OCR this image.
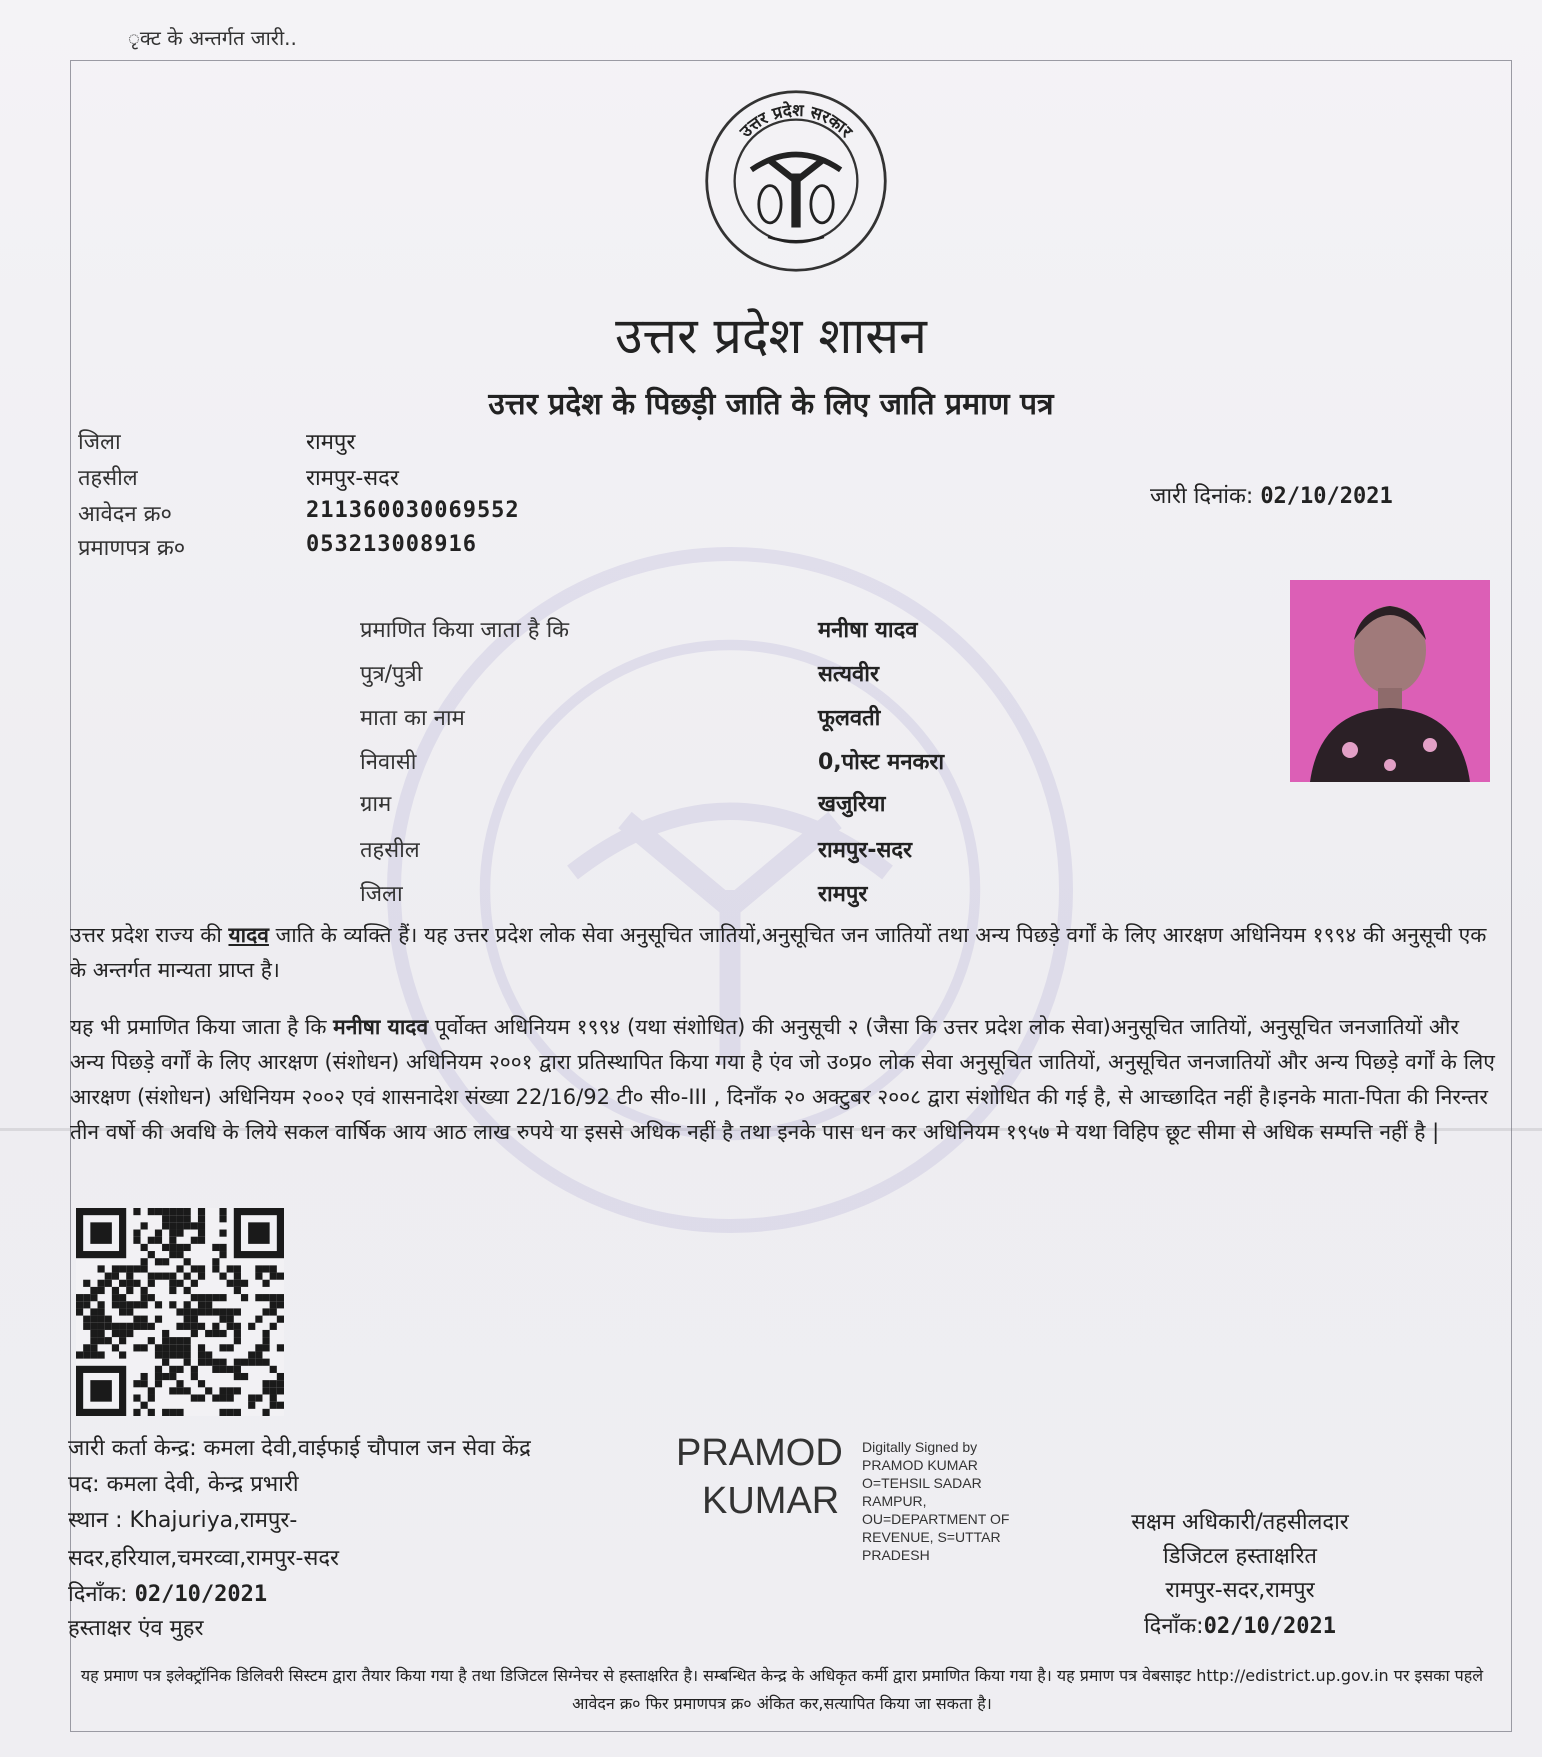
ृक्ट के अन्तर्गत जारी..
उत्तर प्रदेश सरकार
उत्तर प्रदेश शासन
उत्तर प्रदेश के पिछड़ी जाति के लिए जाति प्रमाण पत्र
जिला	रामपुर
तहसील	रामपुर-सदर
आवेदन क्र०	211360030069552
प्रमाणपत्र क्र०	053213008916
जारी दिनांक: 02/10/2021
प्रमाणित किया जाता है कि	मनीषा यादव
पुत्र/पुत्री	सत्यवीर
माता का नाम	फूलवती
निवासी	0,पोस्ट मनकरा
ग्राम	खजुरिया
तहसील	रामपुर-सदर
जिला	रामपुर
उत्तर प्रदेश राज्य की यादव जाति के व्यक्ति हैं। यह उत्तर प्रदेश लोक सेवा अनुसूचित जातियों,अनुसूचित जन जातियों तथा अन्य पिछड़े वर्गों के लिए आरक्षण अधिनियम १९९४ की अनुसूची एक के अन्तर्गत मान्यता प्राप्त है।
यह भी प्रमाणित किया जाता है कि मनीषा यादव पूर्वोक्त अधिनियम १९९४ (यथा संशोधित) की अनुसूची २ (जैसा कि उत्तर प्रदेश लोक सेवा)अनुसूचित जातियों, अनुसूचित जनजातियों और अन्य पिछड़े वर्गों के लिए आरक्षण (संशोधन) अधिनियम २००१ द्वारा प्रतिस्थापित किया गया है एंव जो उ०प्र० लोक सेवा अनुसूचित जातियों, अनुसूचित जनजातियों और अन्य पिछड़े वर्गों के लिए आरक्षण (संशोधन) अधिनियम २००२ एवं शासनादेश संख्या 22/16/92 टी० सी०-III , दिनाँक २० अक्टुबर २००८ द्वारा संशोधित की गई है, से आच्छादित नहीं है।इनके माता-पिता की निरन्तर तीन वर्षो की अवधि के लिये सकल वार्षिक आय आठ लाख रुपये या इससे अधिक नहीं है तथा इनके पास धन कर अधिनियम १९५७ मे यथा विहिप छूट सीमा से अधिक सम्पत्ति नहीं है |
जारी कर्ता केन्द्र: कमला देवी,वाईफाई चौपाल जन सेवा केंद्र
पद: कमला देवी, केन्द्र प्रभारी
स्थान : Khajuriya,रामपुर-
सदर,हरियाल,चमरव्वा,रामपुर-सदर
दिनाँक: 02/10/2021
हस्ताक्षर एंव मुहर
PRAMOD
KUMAR
Digitally Signed by
PRAMOD KUMAR
O=TEHSIL SADAR
RAMPUR,
OU=DEPARTMENT OF
REVENUE, S=UTTAR
PRADESH
सक्षम अधिकारी/तहसीलदार
डिजिटल हस्ताक्षरित
रामपुर-सदर,रामपुर
दिनाँक:02/10/2021
यह प्रमाण पत्र इलेक्ट्रॉनिक डिलिवरी सिस्टम द्वारा तैयार किया गया है तथा डिजिटल सिग्नेचर से हस्ताक्षरित है। सम्बन्धित केन्द्र के अधिकृत कर्मी द्वारा प्रमाणित किया गया है। यह प्रमाण पत्र वेबसाइट http://edistrict.up.gov.in पर इसका पहले आवेदन क्र० फिर प्रमाणपत्र क्र० अंकित कर,सत्यापित किया जा सकता है।
